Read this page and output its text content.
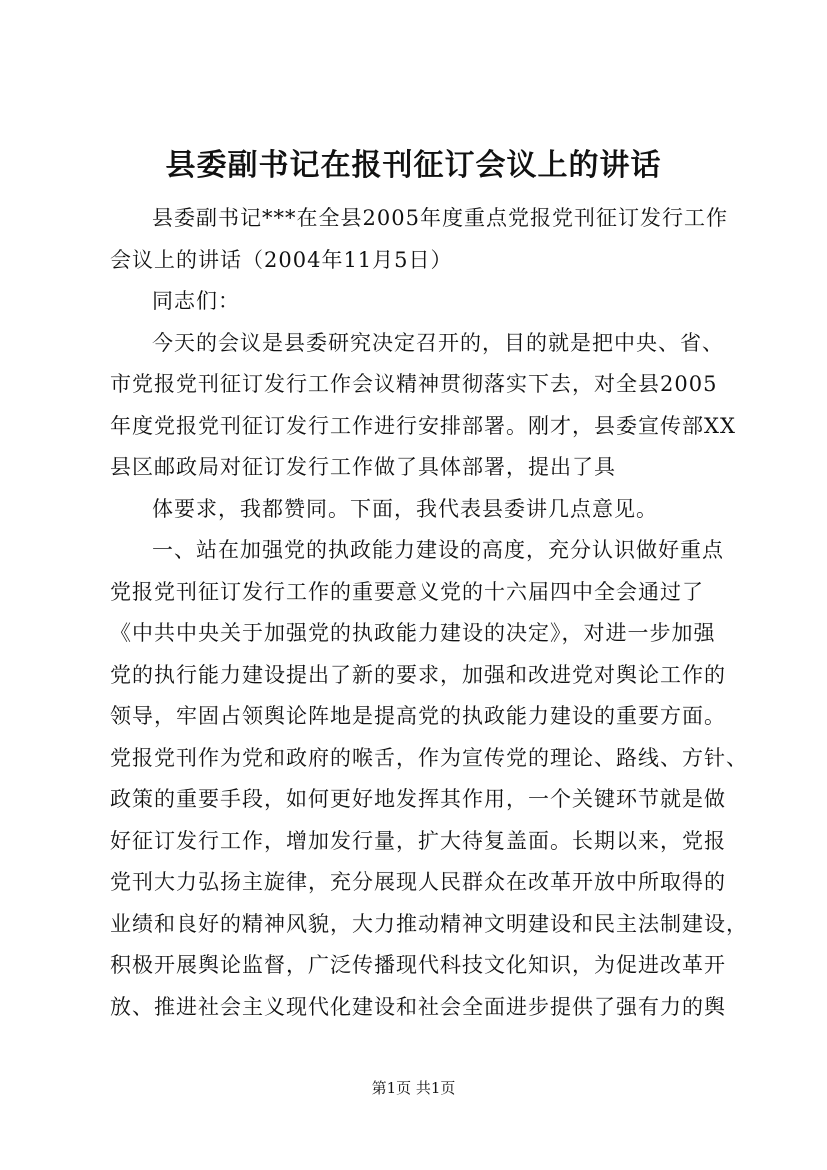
县委副书记在报刊征订会议上的讲话
县委副书记***在全县2005年度重点党报党刊征订发行工作
会议上的讲话（2004年11月5日）
同志们：
今天的会议是县委研究决定召开的，目的就是把中央、省、
市党报党刊征订发行工作会议精神贯彻落实下去，对全县2005
年度党报党刊征订发行工作进行安排部署。刚才，县委宣传部XX
县区邮政局对征订发行工作做了具体部署，提出了具
体要求，我都赞同。下面，我代表县委讲几点意见。
一、站在加强党的执政能力建设的高度，充分认识做好重点
党报党刊征订发行工作的重要意义党的十六届四中全会通过了
《中共中央关于加强党的执政能力建设的决定》，对进一步加强
党的执行能力建设提出了新的要求，加强和改进党对舆论工作的
领导，牢固占领舆论阵地是提高党的执政能力建设的重要方面。
党报党刊作为党和政府的喉舌，作为宣传党的理论、路线、方针、
政策的重要手段，如何更好地发挥其作用，一个关键环节就是做
好征订发行工作，增加发行量，扩大待复盖面。长期以来，党报
党刊大力弘扬主旋律，充分展现人民群众在改革开放中所取得的
业绩和良好的精神风貌，大力推动精神文明建设和民主法制建设，
积极开展舆论监督，广泛传播现代科技文化知识，为促进改革开
放、推进社会主义现代化建设和社会全面进步提供了强有力的舆
第1页 共1页
